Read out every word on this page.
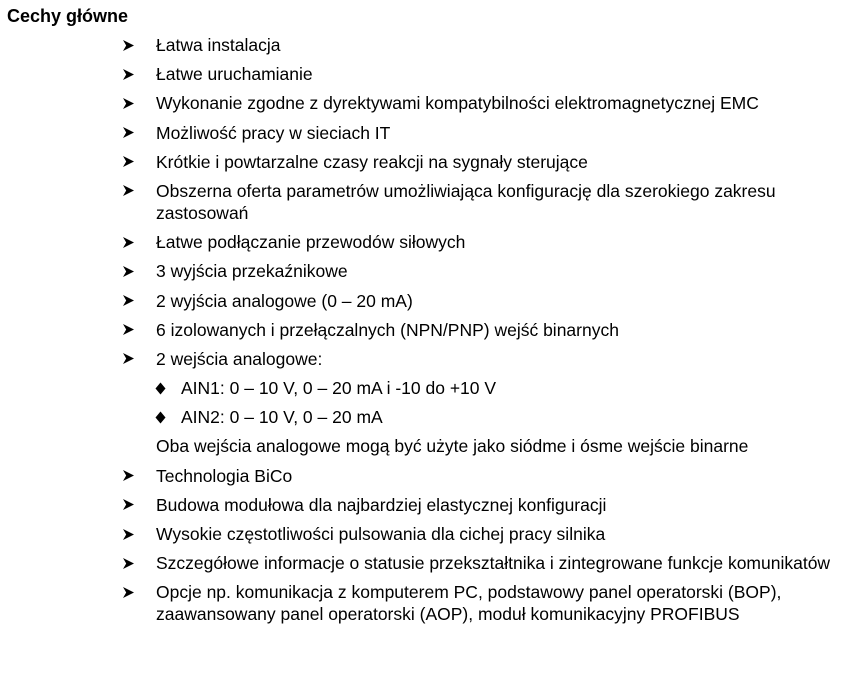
Cechy główne
Łatwa instalacja
Łatwe uruchamianie
Wykonanie zgodne z dyrektywami kompatybilności elektromagnetycznej EMC
Możliwość pracy w sieciach IT
Krótkie i powtarzalne czasy reakcji na sygnały sterujące
Obszerna oferta parametrów umożliwiająca konfigurację dla szerokiego zakresu zastosowań
Łatwe podłączanie przewodów siłowych
3 wyjścia przekaźnikowe
2 wyjścia analogowe (0 – 20 mA)
6 izolowanych i przełączalnych (NPN/PNP) wejść binarnych
2 wejścia analogowe:
AIN1: 0 – 10 V, 0 – 20 mA i -10 do +10 V
AIN2: 0 – 10 V, 0 – 20 mA
Oba wejścia analogowe mogą być użyte jako siódme i ósme wejście binarne
Technologia BiCo
Budowa modułowa dla najbardziej elastycznej konfiguracji
Wysokie częstotliwości pulsowania dla cichej pracy silnika
Szczegółowe informacje o statusie przekształtnika i zintegrowane funkcje komunikatów
Opcje np. komunikacja z komputerem PC, podstawowy panel operatorski (BOP), zaawansowany panel operatorski (AOP), moduł komunikacyjny PROFIBUS
